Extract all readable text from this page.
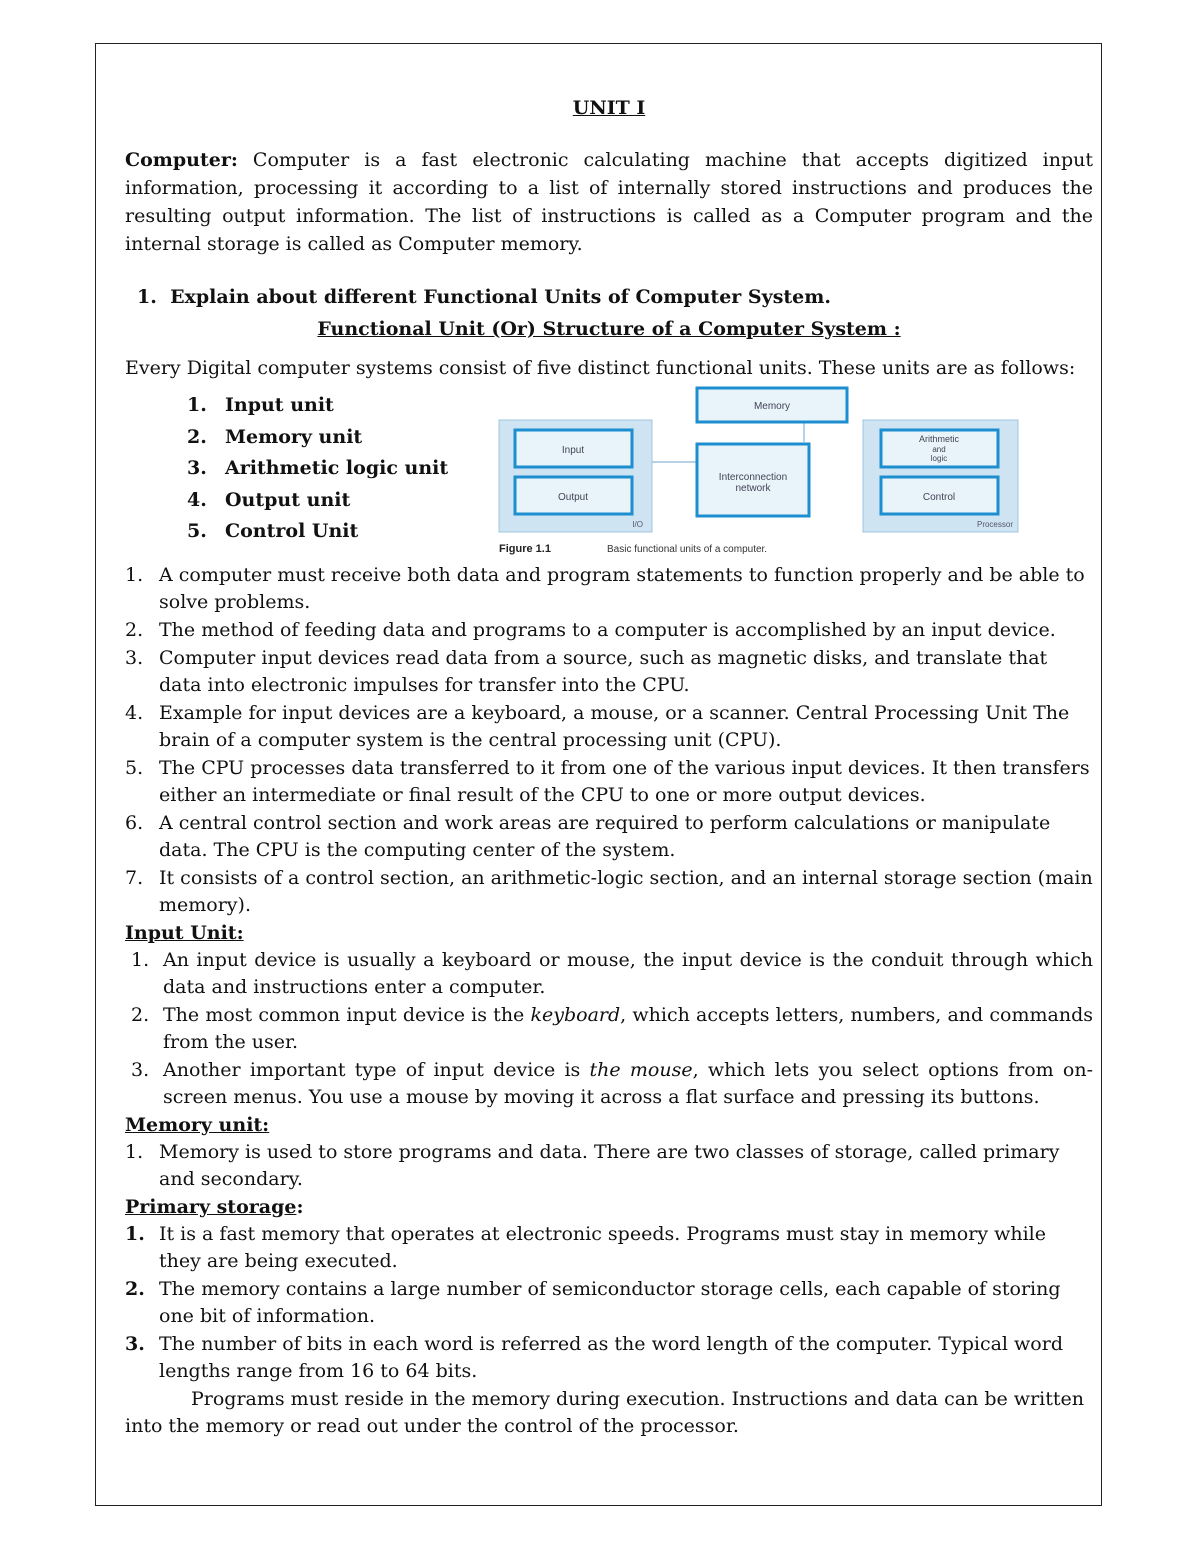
UNIT I

Computer: Computer is a fast electronic calculating machine that accepts digitized input information, processing it according to a list of internally stored instructions and produces the resulting output information. The list of instructions is called as a Computer program and the internal storage is called as Computer memory.

1. Explain about different Functional Units of Computer System.
Functional Unit (Or) Structure of a Computer System :

Every Digital computer systems consist of five distinct functional units. These units are as follows:

1. Input unit
2. Memory unit
3. Arithmetic logic unit
4. Output unit
5. Control Unit
Input
Output
I/O
Memory
Interconnection
network
Arithmetic
and
logic
Control
Processor
Figure 1.1	Basic functional units of a computer.
1. A computer must receive both data and program statements to function properly and be able to solve problems.
2. The method of feeding data and programs to a computer is accomplished by an input device.
3. Computer input devices read data from a source, such as magnetic disks, and translate that data into electronic impulses for transfer into the CPU.
4. Example for input devices are a keyboard, a mouse, or a scanner. Central Processing Unit The brain of a computer system is the central processing unit (CPU).
5. The CPU processes data transferred to it from one of the various input devices. It then transfers either an intermediate or final result of the CPU to one or more output devices.
6. A central control section and work areas are required to perform calculations or manipulate data. The CPU is the computing center of the system.
7. It consists of a control section, an arithmetic-logic section, and an internal storage section (main memory).
Input Unit:
1. An input device is usually a keyboard or mouse, the input device is the conduit through which data and instructions enter a computer.
2. The most common input device is the keyboard, which accepts letters, numbers, and commands from the user.
3. Another important type of input device is the mouse, which lets you select options from on-screen menus. You use a mouse by moving it across a flat surface and pressing its buttons.
Memory unit:
1. Memory is used to store programs and data. There are two classes of storage, called primary and secondary.
Primary storage:
1. It is a fast memory that operates at electronic speeds. Programs must stay in memory while they are being executed.
2. The memory contains a large number of semiconductor storage cells, each capable of storing one bit of information.
3. The number of bits in each word is referred as the word length of the computer. Typical word lengths range from 16 to 64 bits.

Programs must reside in the memory during execution. Instructions and data can be written into the memory or read out under the control of the processor.
